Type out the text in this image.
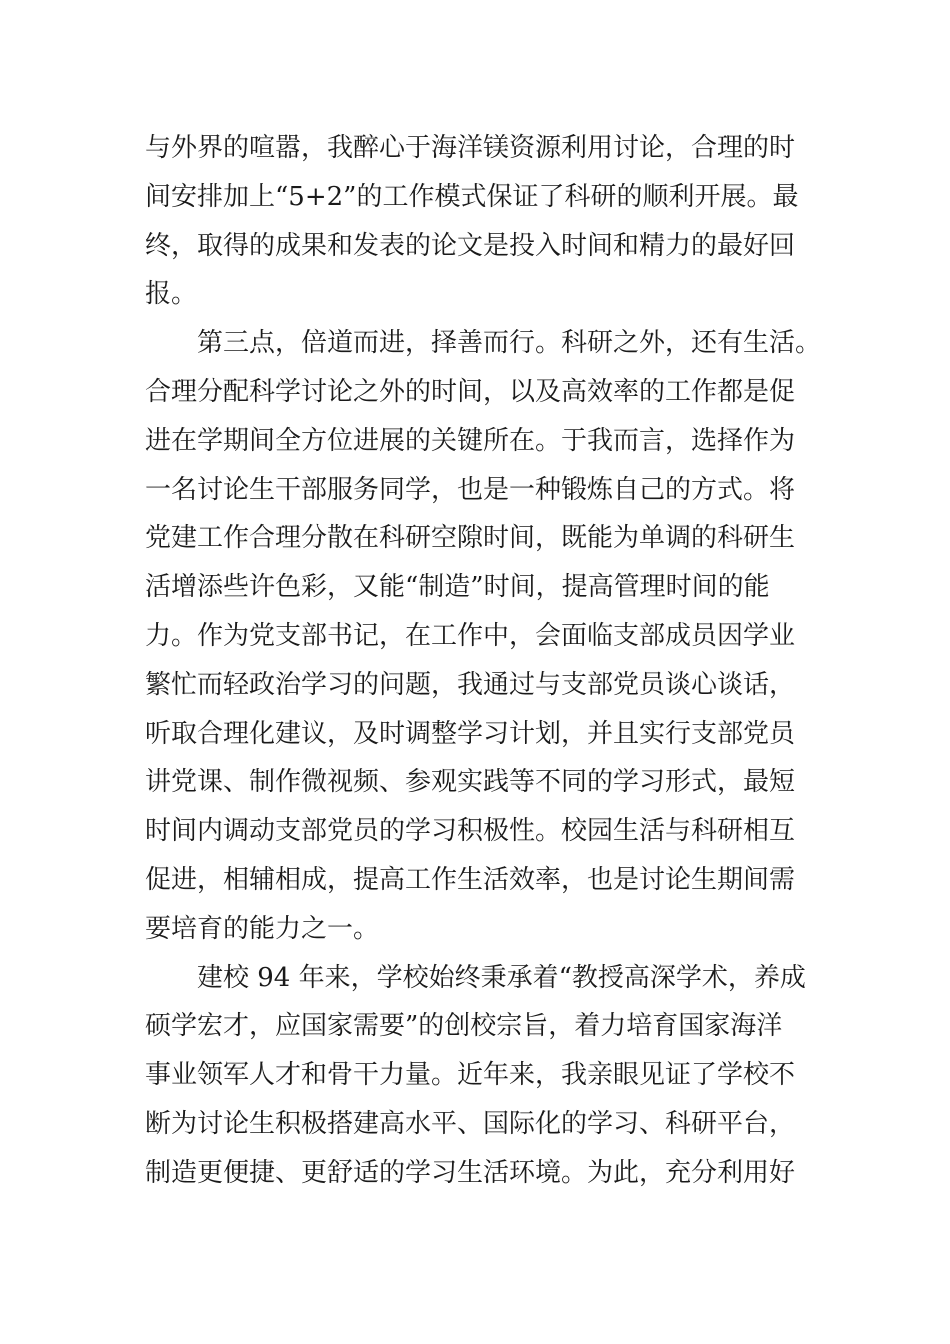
与外界的喧嚣，我醉心于海洋镁资源利用讨论，合理的时
间安排加上“5+2”的工作模式保证了科研的顺利开展。最
终，取得的成果和发表的论文是投入时间和精力的最好回
报。
第三点，倍道而进，择善而行。科研之外，还有生活。
合理分配科学讨论之外的时间，以及高效率的工作都是促
进在学期间全方位进展的关键所在。于我而言，选择作为
一名讨论生干部服务同学，也是一种锻炼自己的方式。将
党建工作合理分散在科研空隙时间，既能为单调的科研生
活增添些许色彩，又能“制造”时间，提高管理时间的能
力。作为党支部书记，在工作中，会面临支部成员因学业
繁忙而轻政治学习的问题，我通过与支部党员谈心谈话，
听取合理化建议，及时调整学习计划，并且实行支部党员
讲党课、制作微视频、参观实践等不同的学习形式，最短
时间内调动支部党员的学习积极性。校园生活与科研相互
促进，相辅相成，提高工作生活效率，也是讨论生期间需
要培育的能力之一。
建校 94 年来，学校始终秉承着“教授高深学术，养成
硕学宏才，应国家需要”的创校宗旨，着力培育国家海洋
事业领军人才和骨干力量。近年来，我亲眼见证了学校不
断为讨论生积极搭建高水平、国际化的学习、科研平台，
制造更便捷、更舒适的学习生活环境。为此，充分利用好
